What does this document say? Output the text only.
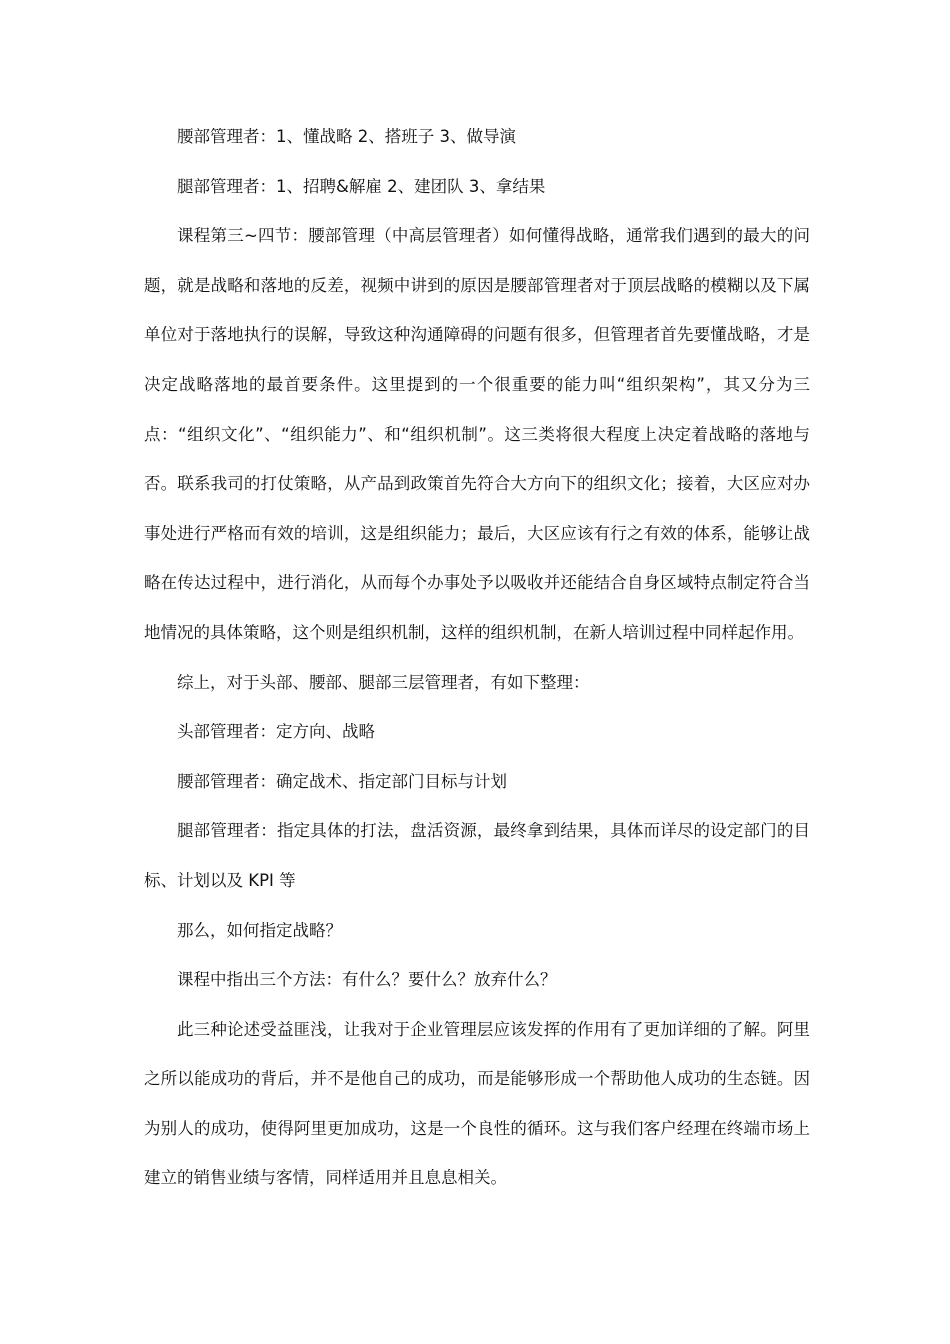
腰部管理者：1、懂战略 2、搭班子 3、做导演

腿部管理者：1、招聘&解雇 2、建团队 3、拿结果

课程第三~四节：腰部管理（中高层管理者）如何懂得战略，通常我们遇到的最大的问题，就是战略和落地的反差，视频中讲到的原因是腰部管理者对于顶层战略的模糊以及下属单位对于落地执行的误解，导致这种沟通障碍的问题有很多，但管理者首先要懂战略，才是决定战略落地的最首要条件。这里提到的一个很重要的能力叫“组织架构”，其又分为三点：“组织文化”、“组织能力”、和“组织机制”。这三类将很大程度上决定着战略的落地与否。联系我司的打仗策略，从产品到政策首先符合大方向下的组织文化；接着，大区应对办事处进行严格而有效的培训，这是组织能力；最后，大区应该有行之有效的体系，能够让战略在传达过程中，进行消化，从而每个办事处予以吸收并还能结合自身区域特点制定符合当地情况的具体策略，这个则是组织机制，这样的组织机制，在新人培训过程中同样起作用。

综上，对于头部、腰部、腿部三层管理者，有如下整理：

头部管理者：定方向、战略

腰部管理者：确定战术、指定部门目标与计划

腿部管理者：指定具体的打法，盘活资源，最终拿到结果，具体而详尽的设定部门的目标、计划以及 KPI 等

那么，如何指定战略？

课程中指出三个方法：有什么？要什么？放弃什么？

此三种论述受益匪浅，让我对于企业管理层应该发挥的作用有了更加详细的了解。阿里之所以能成功的背后，并不是他自己的成功，而是能够形成一个帮助他人成功的生态链。因为别人的成功，使得阿里更加成功，这是一个良性的循环。这与我们客户经理在终端市场上建立的销售业绩与客情，同样适用并且息息相关。
